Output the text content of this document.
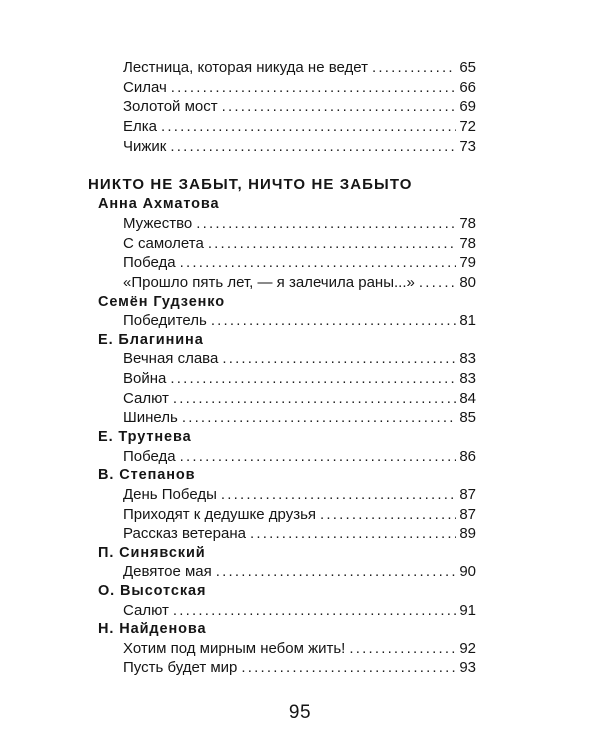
Лестница, которая никуда не ведет .....	65
Силач .....	66
Золотой мост .....	69
Елка .....	72
Чижик .....	73
НИКТО НЕ ЗАБЫТ, НИЧТО НЕ ЗАБЫТО
Анна Ахматова
Мужество .....	78
С самолета .....	78
Победа .....	79
«Прошло пять лет, — я залечила раны...» .....	80
Семён Гудзенко
Победитель .....	81
Е. Благинина
Вечная слава .....	83
Война .....	83
Салют .....	84
Шинель .....	85
Е. Трутнева
Победа .....	86
В. Степанов
День Победы .....	87
Приходят к дедушке друзья .....	87
Рассказ ветерана .....	89
П. Синявский
Девятое мая .....	90
О. Высотская
Салют .....	91
Н. Найденова
Хотим под мирным небом жить! .....	92
Пусть будет мир .....	93
95
